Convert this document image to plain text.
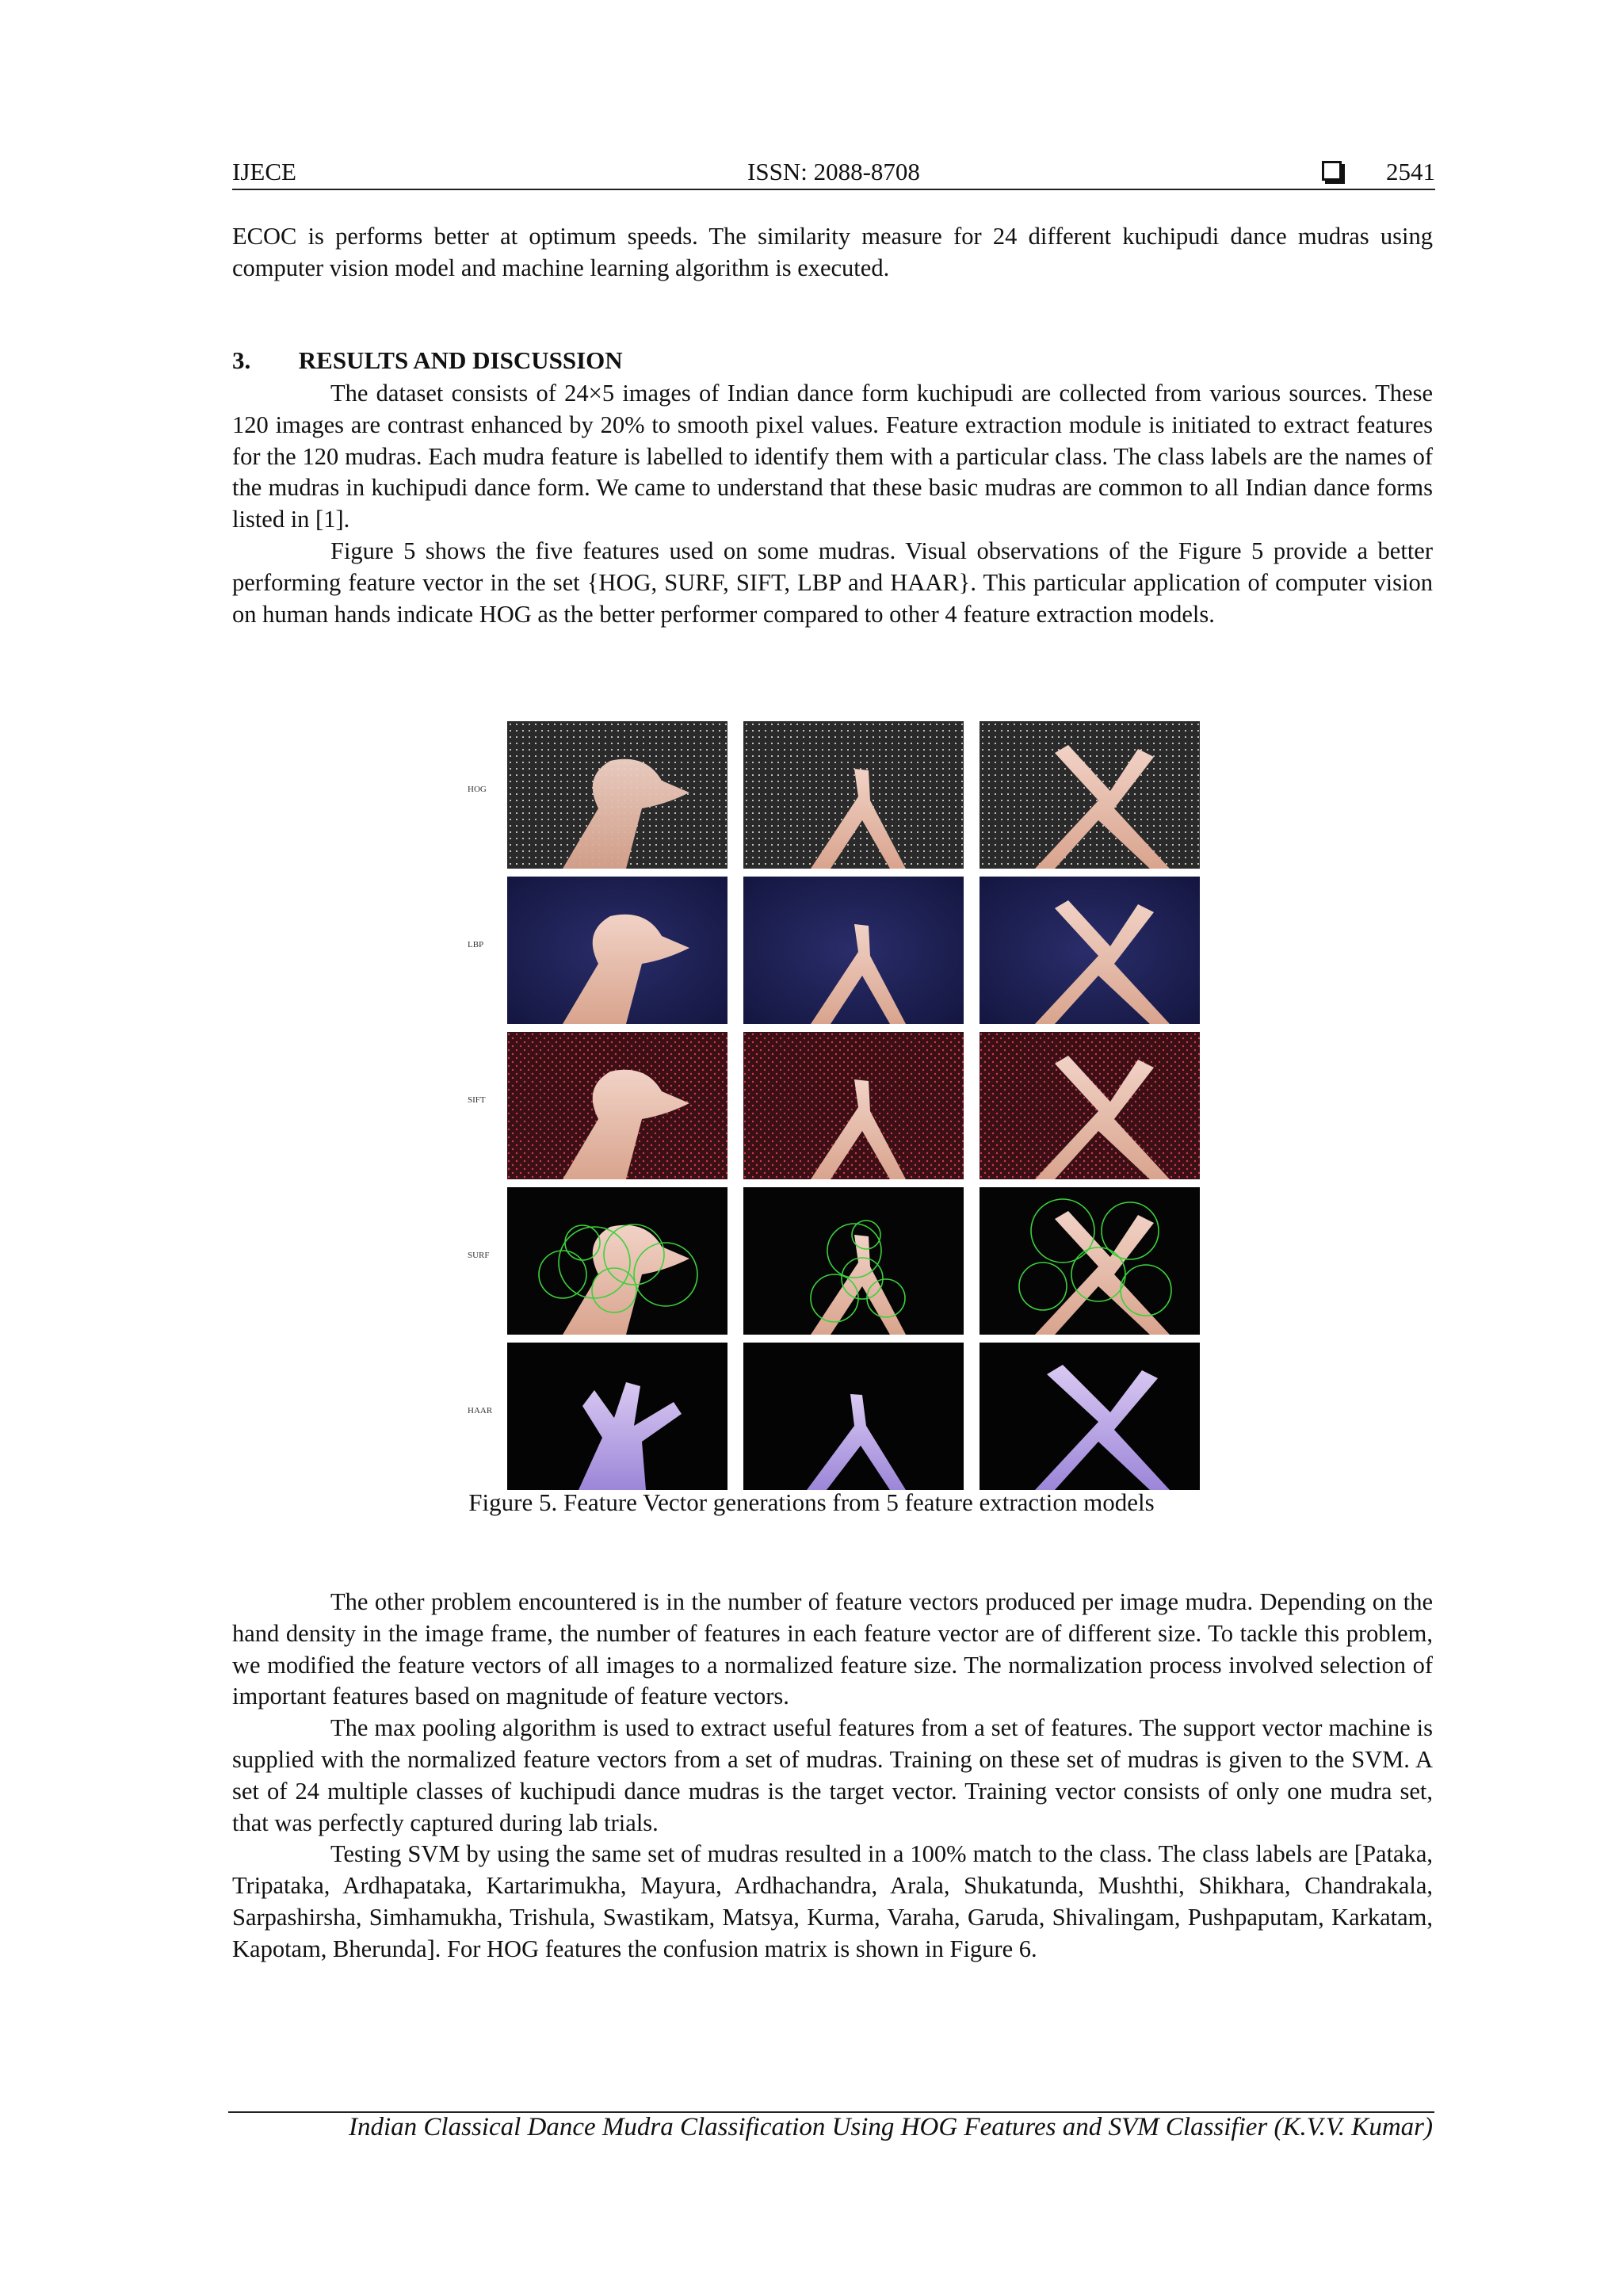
IJECE	ISSN: 2088-8708	2541

ECOC is performs better at optimum speeds. The similarity measure for 24 different kuchipudi dance mudras using computer vision model and machine learning algorithm is executed.

3. RESULTS AND DISCUSSION

The dataset consists of 24×5 images of Indian dance form kuchipudi are collected from various sources. These 120 images are contrast enhanced by 20% to smooth pixel values. Feature extraction module is initiated to extract features for the 120 mudras. Each mudra feature is labelled to identify them with a particular class. The class labels are the names of the mudras in kuchipudi dance form. We came to understand that these basic mudras are common to all Indian dance forms listed in [1].

Figure 5 shows the five features used on some mudras. Visual observations of the Figure 5 provide a better performing feature vector in the set {HOG, SURF, SIFT, LBP and HAAR}. This particular application of computer vision on human hands indicate HOG as the better performer compared to other 4 feature extraction models.

HOG
LBP
SIFT
SURF
HAAR
Figure 5. Feature Vector generations from 5 feature extraction models

The other problem encountered is in the number of feature vectors produced per image mudra. Depending on the hand density in the image frame, the number of features in each feature vector are of different size. To tackle this problem, we modified the feature vectors of all images to a normalized feature size. The normalization process involved selection of important features based on magnitude of feature vectors.

The max pooling algorithm is used to extract useful features from a set of features. The support vector machine is supplied with the normalized feature vectors from a set of mudras. Training on these set of mudras is given to the SVM. A set of 24 multiple classes of kuchipudi dance mudras is the target vector. Training vector consists of only one mudra set, that was perfectly captured during lab trials.

Testing SVM by using the same set of mudras resulted in a 100% match to the class. The class labels are [Pataka, Tripataka, Ardhapataka, Kartarimukha, Mayura, Ardhachandra, Arala, Shukatunda, Mushthi, Shikhara, Chandrakala, Sarpashirsha, Simhamukha, Trishula, Swastikam, Matsya, Kurma, Varaha, Garuda, Shivalingam, Pushpaputam, Karkatam, Kapotam, Bherunda]. For HOG features the confusion matrix is shown in Figure 6.

Indian Classical Dance Mudra Classification Using HOG Features and SVM Classifier (K.V.V. Kumar)
